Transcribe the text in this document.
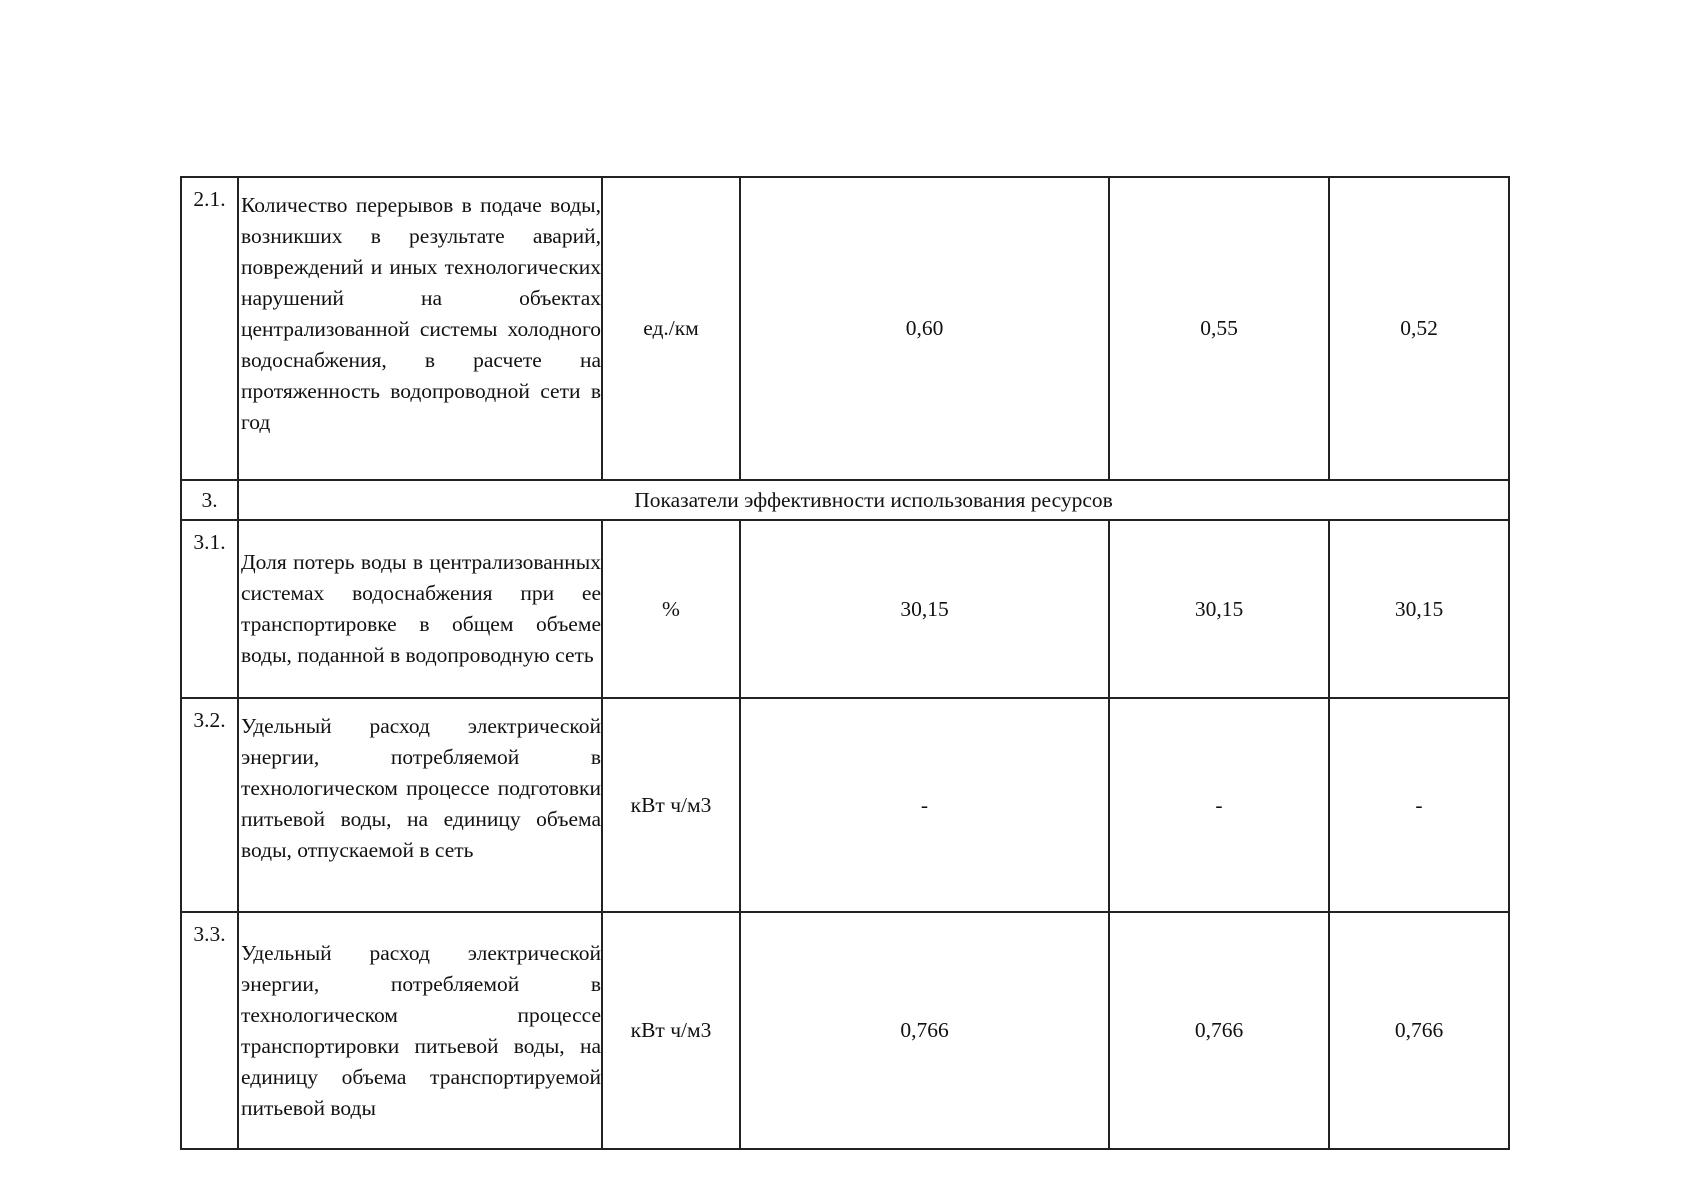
2.1.	Количество перерывов в подаче воды, возникших в результате аварий, повреждений и иных технологических нарушений на объектах централизованной системы холодного водоснабжения, в расчете на протяженность водопроводной сети в год	ед./км	0,60	0,55	0,52
3.	Показатели эффективности использования ресурсов				
3.1.	Доля потерь воды в централизованных системах водоснабжения при ее транспортировке в общем объеме воды, поданной в водопроводную сеть	%	30,15	30,15	30,15
3.2.	Удельный расход электрической энергии, потребляемой в технологическом процессе подготовки питьевой воды, на единицу объема воды, отпускаемой в сеть	кВт ч/м3	-	-	-
3.3.	Удельный расход электрической энергии, потребляемой в технологическом процессе транспортировки питьевой воды, на единицу объема транспортируемой питьевой воды	кВт ч/м3	0,766	0,766	0,766
